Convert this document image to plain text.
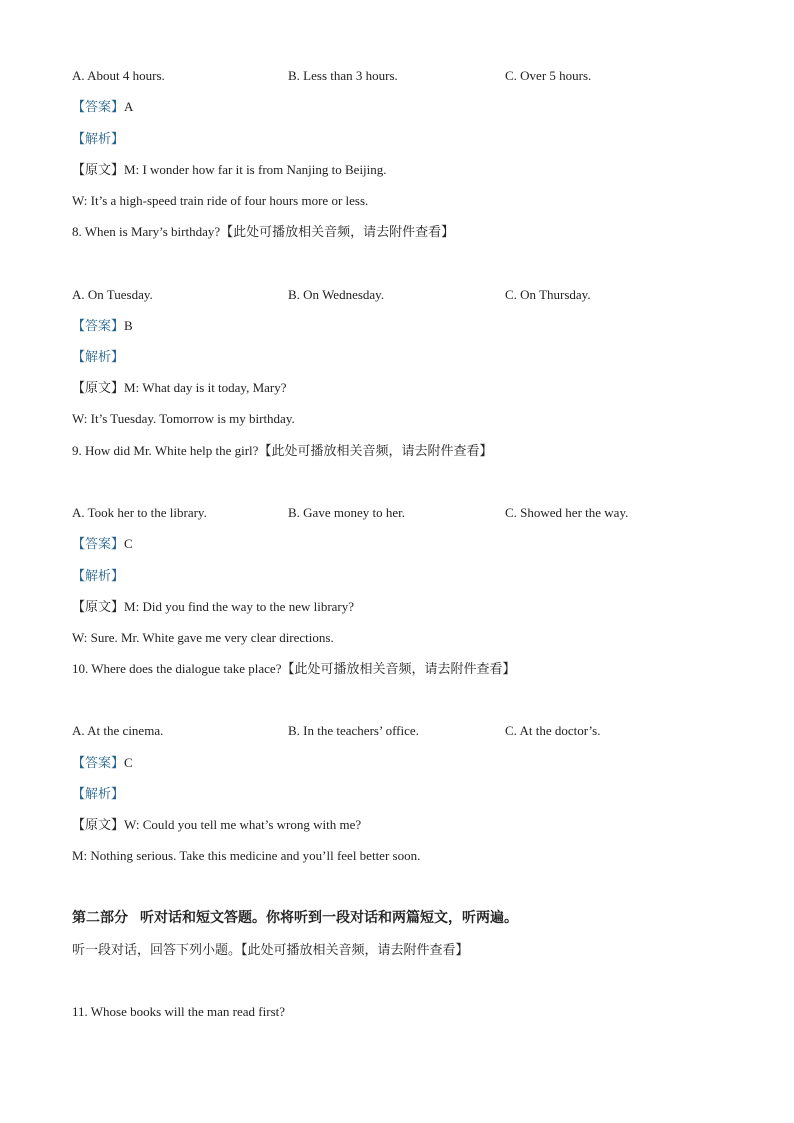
A. About 4 hours.	B. Less than 3 hours.	C. Over 5 hours.
【答案】A
【解析】
【原文】M: I wonder how far it is from Nanjing to Beijing.
W: It’s a high-speed train ride of four hours more or less.
8. When is Mary’s birthday?【此处可播放相关音频，请去附件查看】
A. On Tuesday.	B. On Wednesday.	C. On Thursday.
【答案】B
【解析】
【原文】M: What day is it today, Mary?
W: It’s Tuesday. Tomorrow is my birthday.
9. How did Mr. White help the girl?【此处可播放相关音频，请去附件查看】
A. Took her to the library.	B. Gave money to her.	C. Showed her the way.
【答案】C
【解析】
【原文】M: Did you find the way to the new library?
W: Sure. Mr. White gave me very clear directions.
10. Where does the dialogue take place?【此处可播放相关音频，请去附件查看】
A. At the cinema.	B. In the teachers’ office.	C. At the doctor’s.
【答案】C
【解析】
【原文】W: Could you tell me what’s wrong with me?
M: Nothing serious. Take this medicine and you’ll feel better soon.
第二部分 听对话和短文答题。你将听到一段对话和两篇短文，听两遍。
听一段对话，回答下列小题。【此处可播放相关音频，请去附件查看】
11. Whose books will the man read first?
